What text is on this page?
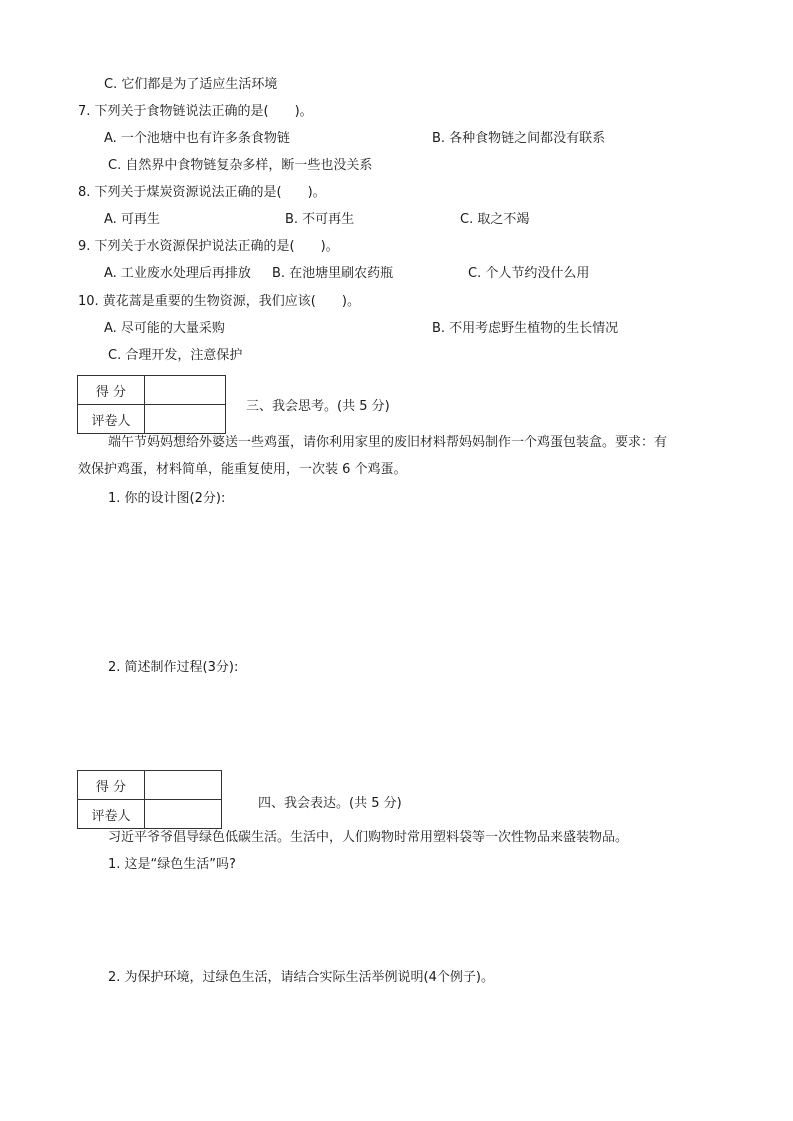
C. 它们都是为了适应生活环境
7. 下列关于食物链说法正确的是(　　)。
A. 一个池塘中也有许多条食物链	B. 各种食物链之间都没有联系
C. 自然界中食物链复杂多样，断一些也没关系
8. 下列关于煤炭资源说法正确的是(　　)。
A. 可再生	B. 不可再生	C. 取之不竭
9. 下列关于水资源保护说法正确的是(　　)。
A. 工业废水处理后再排放 B. 在池塘里刷农药瓶	C. 个人节约没什么用
10. 黄花蒿是重要的生物资源，我们应该(　　)。
A. 尽可能的大量采购	B. 不用考虑野生植物的生长情况
C. 合理开发，注意保护
得 分	
评卷人	
三、我会思考。(共 5 分)
端午节妈妈想给外婆送一些鸡蛋，请你利用家里的废旧材料帮妈妈制作一个鸡蛋包装盒。要求：有
效保护鸡蛋，材料简单，能重复使用，一次装 6 个鸡蛋。
1. 你的设计图(2分):
2. 简述制作过程(3分):
得 分	
评卷人	
四、我会表达。(共 5 分)
习近平爷爷倡导绿色低碳生活。生活中，人们购物时常用塑料袋等一次性物品来盛装物品。
1. 这是“绿色生活”吗?
2. 为保护环境，过绿色生活，请结合实际生活举例说明(4个例子)。
